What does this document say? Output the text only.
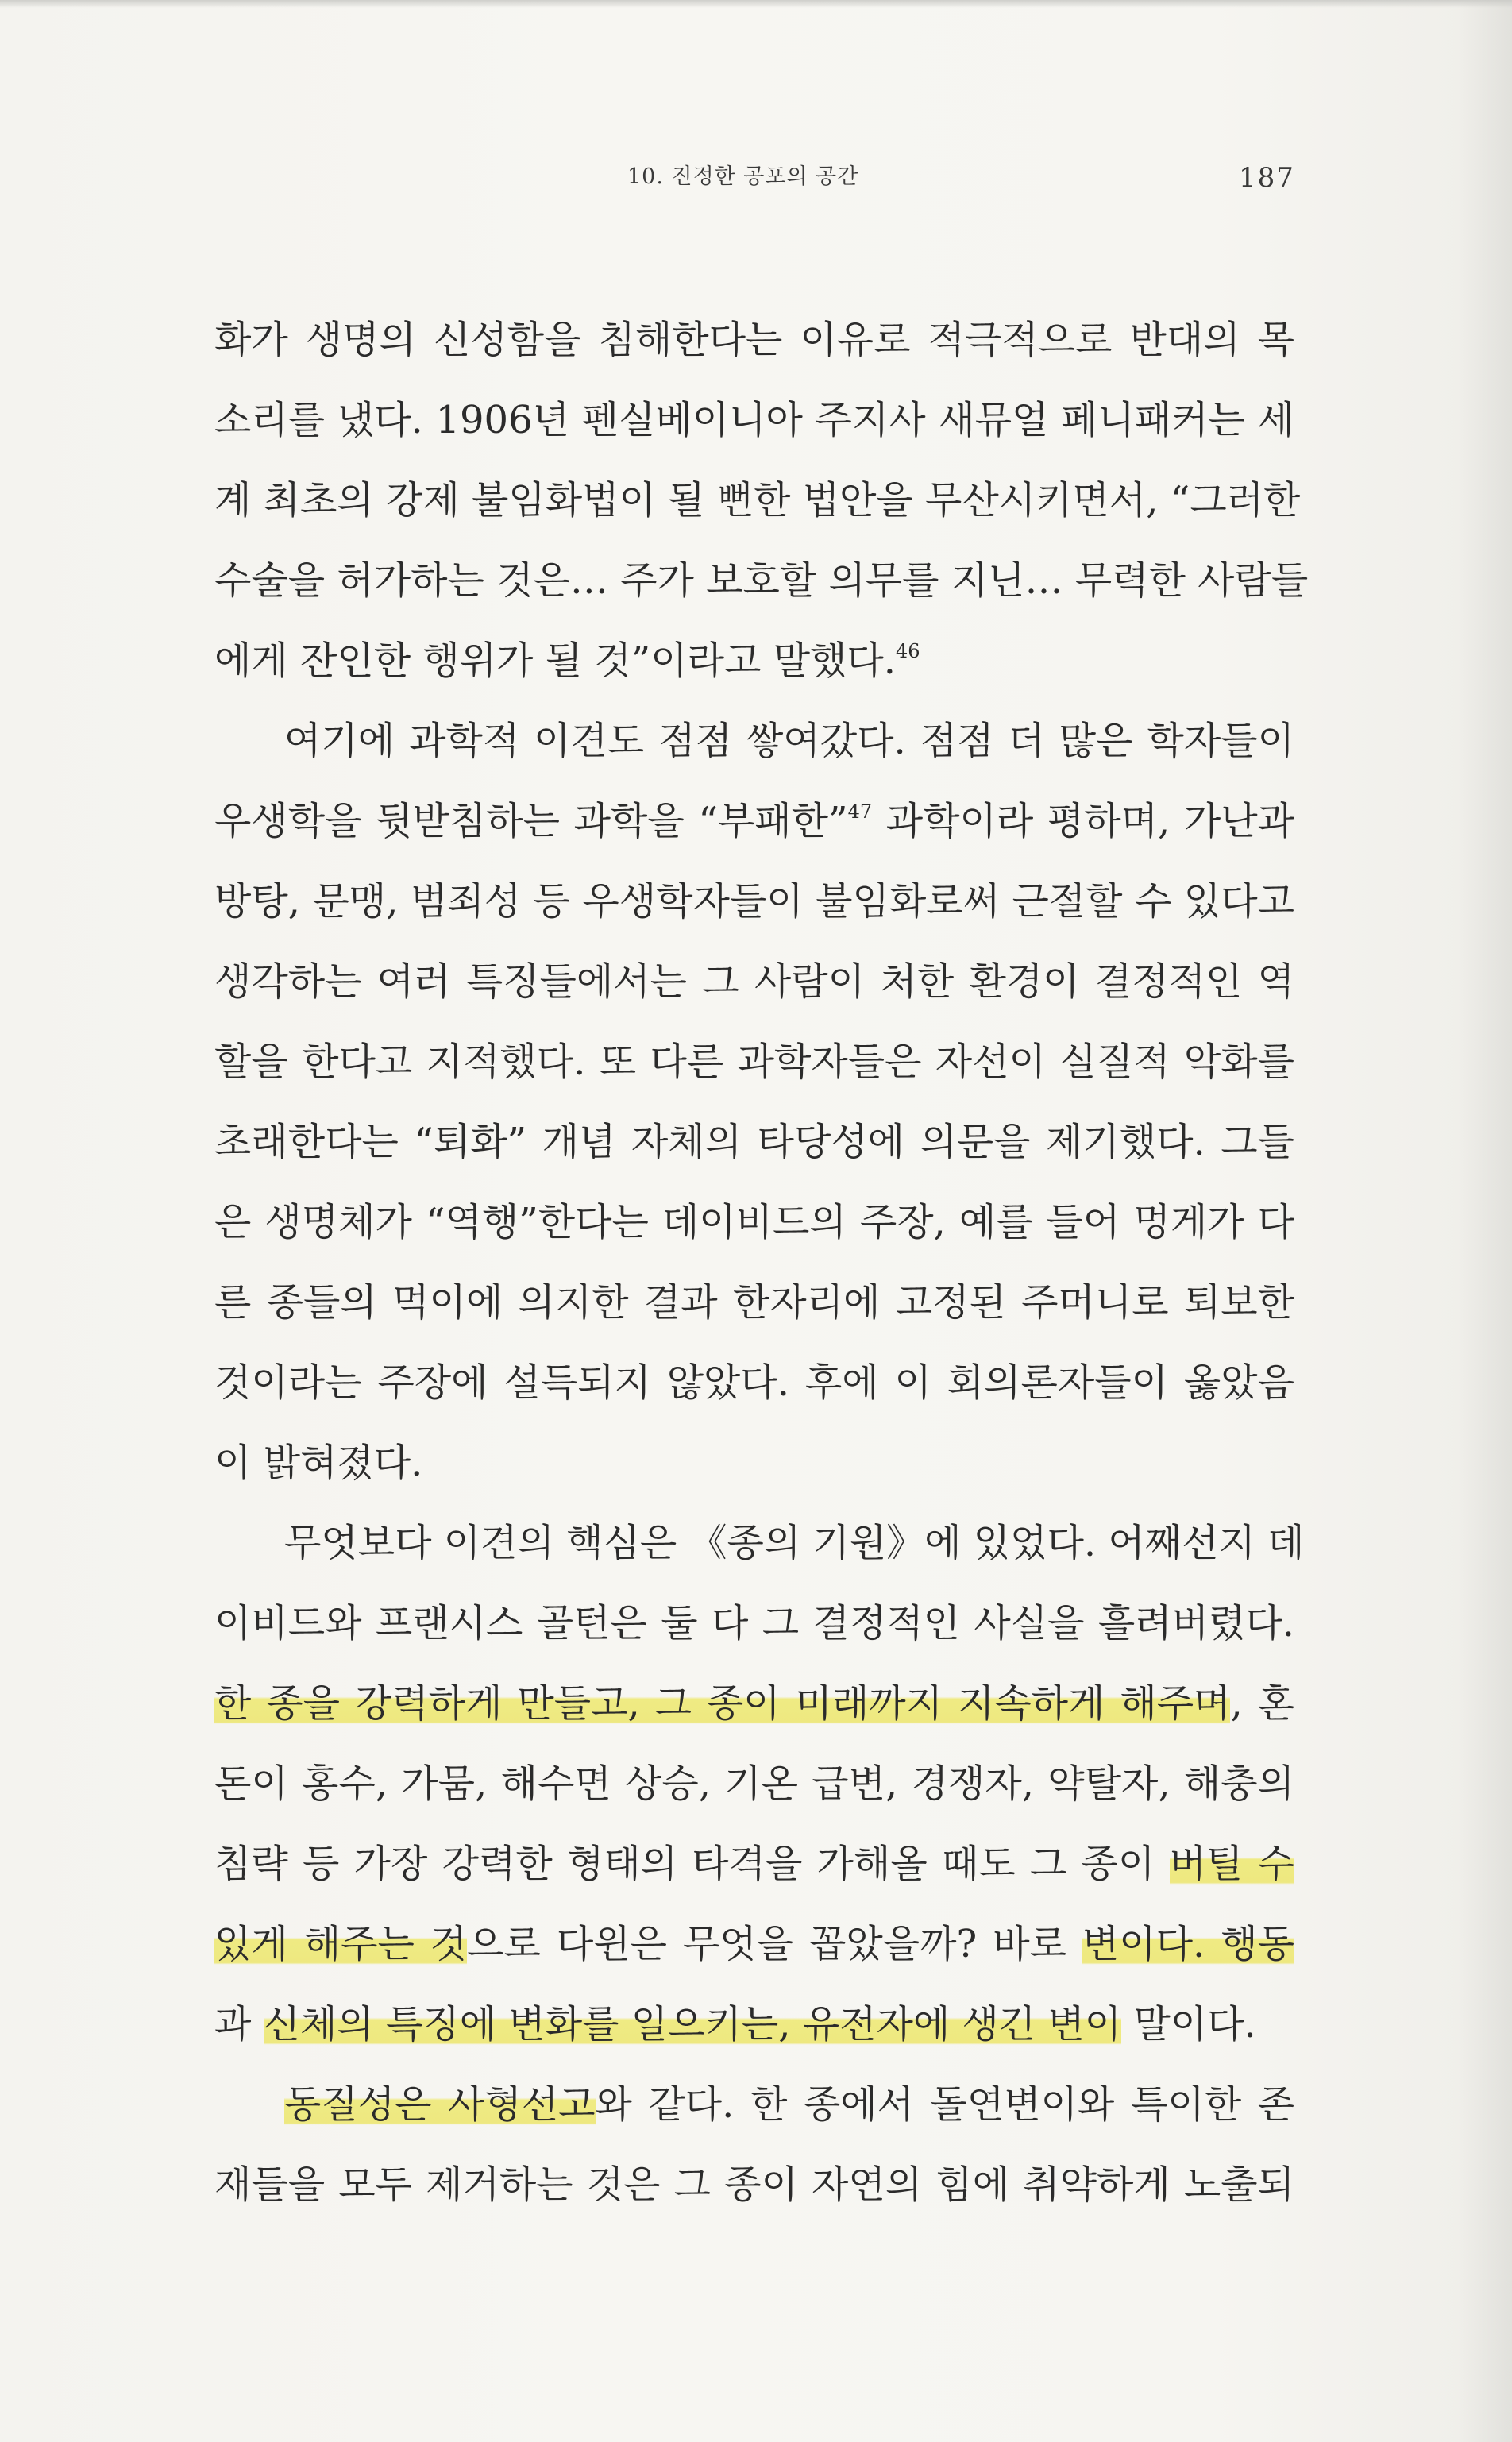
10. 진정한 공포의 공간	187
화가 생명의 신성함을 침해한다는 이유로 적극적으로 반대의 목
소리를 냈다. 1906년 펜실베이니아 주지사 새뮤얼 페니패커는 세
계 최초의 강제 불임화법이 될 뻔한 법안을 무산시키면서, “그러한
수술을 허가하는 것은… 주가 보호할 의무를 지닌… 무력한 사람들
에게 잔인한 행위가 될 것”이라고 말했다.$^{46}$
여기에 과학적 이견도 점점 쌓여갔다. 점점 더 많은 학자들이
우생학을 뒷받침하는 과학을 “부패한”$^{47}$ 과학이라 평하며, 가난과
방탕, 문맹, 범죄성 등 우생학자들이 불임화로써 근절할 수 있다고
생각하는 여러 특징들에서는 그 사람이 처한 환경이 결정적인 역
할을 한다고 지적했다. 또 다른 과학자들은 자선이 실질적 악화를
초래한다는 “퇴화” 개념 자체의 타당성에 의문을 제기했다. 그들
은 생명체가 “역행”한다는 데이비드의 주장, 예를 들어 멍게가 다
른 종들의 먹이에 의지한 결과 한자리에 고정된 주머니로 퇴보한
것이라는 주장에 설득되지 않았다. 후에 이 회의론자들이 옳았음
이 밝혀졌다.
무엇보다 이견의 핵심은 《종의 기원》에 있었다. 어째선지 데
이비드와 프랜시스 골턴은 둘 다 그 결정적인 사실을 흘려버렸다.
한 종을 강력하게 만들고, 그 종이 미래까지 지속하게 해주며, 혼
돈이 홍수, 가뭄, 해수면 상승, 기온 급변, 경쟁자, 약탈자, 해충의
침략 등 가장 강력한 형태의 타격을 가해올 때도 그 종이 버틸 수
있게 해주는 것으로 다윈은 무엇을 꼽았을까? 바로 변이다. 행동
과 신체의 특징에 변화를 일으키는, 유전자에 생긴 변이 말이다.
동질성은 사형선고와 같다. 한 종에서 돌연변이와 특이한 존
재들을 모두 제거하는 것은 그 종이 자연의 힘에 취약하게 노출되
